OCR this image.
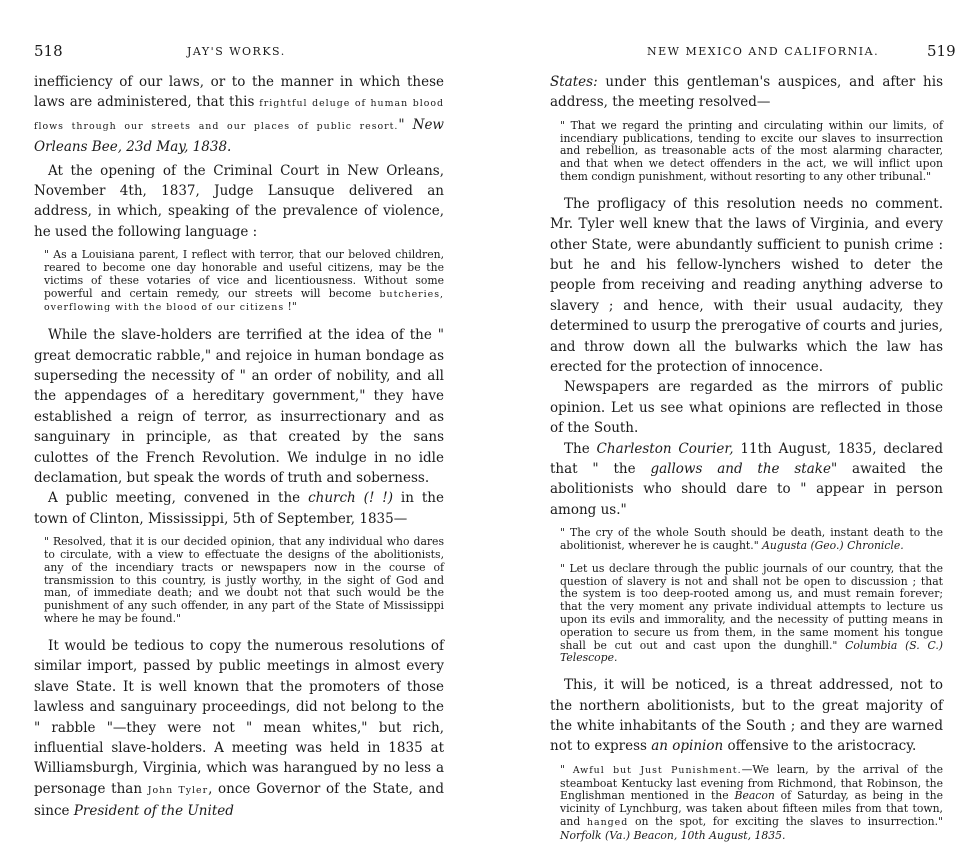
518	JAY'S WORKS.

inefficiency of our laws, or to the manner in which these laws are administered, that this frightful deluge of human blood flows through our streets and our places of public resort." New Orleans Bee, 23d May, 1838.

At the opening of the Criminal Court in New Orleans, November 4th, 1837, Judge Lansuque delivered an address, in which, speaking of the prevalence of violence, he used the following language :

" As a Louisiana parent, I reflect with terror, that our beloved children, reared to become one day honorable and useful citizens, may be the victims of these votaries of vice and licentiousness. Without some powerful and certain remedy, our streets will become butcheries, overflowing with the blood of our citizens !"

While the slave-holders are terrified at the idea of the " great democratic rabble," and rejoice in human bondage as superseding the necessity of " an order of nobility, and all the appendages of a hereditary government," they have established a reign of terror, as insurrectionary and as sanguinary in principle, as that created by the sans culottes of the French Revolution. We indulge in no idle declamation, but speak the words of truth and soberness.

A public meeting, convened in the church (! !) in the town of Clinton, Mississippi, 5th of September, 1835—

" Resolved, that it is our decided opinion, that any individual who dares to circulate, with a view to effectuate the designs of the abolitionists, any of the incendiary tracts or newspapers now in the course of transmission to this country, is justly worthy, in the sight of God and man, of immediate death; and we doubt not that such would be the punishment of any such offender, in any part of the State of Mississippi where he may be found."

It would be tedious to copy the numerous resolutions of similar import, passed by public meetings in almost every slave State. It is well known that the promoters of those lawless and sanguinary proceedings, did not belong to the " rabble "—they were not " mean whites," but rich, influential slave-holders. A meeting was held in 1835 at Williamsburgh, Virginia, which was harangued by no less a personage than John Tyler, once Governor of the State, and since President of the United

NEW MEXICO AND CALIFORNIA.	519

States: under this gentleman's auspices, and after his address, the meeting resolved—

" That we regard the printing and circulating within our limits, of incendiary publications, tending to excite our slaves to insurrection and rebellion, as treasonable acts of the most alarming character, and that when we detect offenders in the act, we will inflict upon them condign punishment, without resorting to any other tribunal."

The profligacy of this resolution needs no comment. Mr. Tyler well knew that the laws of Virginia, and every other State, were abundantly sufficient to punish crime : but he and his fellow-lynchers wished to deter the people from receiving and reading anything adverse to slavery ; and hence, with their usual audacity, they determined to usurp the prerogative of courts and juries, and throw down all the bulwarks which the law has erected for the protection of innocence.

Newspapers are regarded as the mirrors of public opinion. Let us see what opinions are reflected in those of the South.

The Charleston Courier, 11th August, 1835, declared that " the gallows and the stake" awaited the abolitionists who should dare to " appear in person among us."

" The cry of the whole South should be death, instant death to the abolitionist, wherever he is caught." Augusta (Geo.) Chronicle.

" Let us declare through the public journals of our country, that the question of slavery is not and shall not be open to discussion ; that the system is too deep-rooted among us, and must remain forever; that the very moment any private individual attempts to lecture us upon its evils and immorality, and the necessity of putting means in operation to secure us from them, in the same moment his tongue shall be cut out and cast upon the dunghill." Columbia (S. C.) Telescope.

This, it will be noticed, is a threat addressed, not to the northern abolitionists, but to the great majority of the white inhabitants of the South ; and they are warned not to express an opinion offensive to the aristocracy.

" Awful but Just Punishment.—We learn, by the arrival of the steamboat Kentucky last evening from Richmond, that Robinson, the Englishman mentioned in the Beacon of Saturday, as being in the vicinity of Lynchburg, was taken about fifteen miles from that town, and hanged on the spot, for exciting the slaves to insurrection." Norfolk (Va.) Beacon, 10th August, 1835.
